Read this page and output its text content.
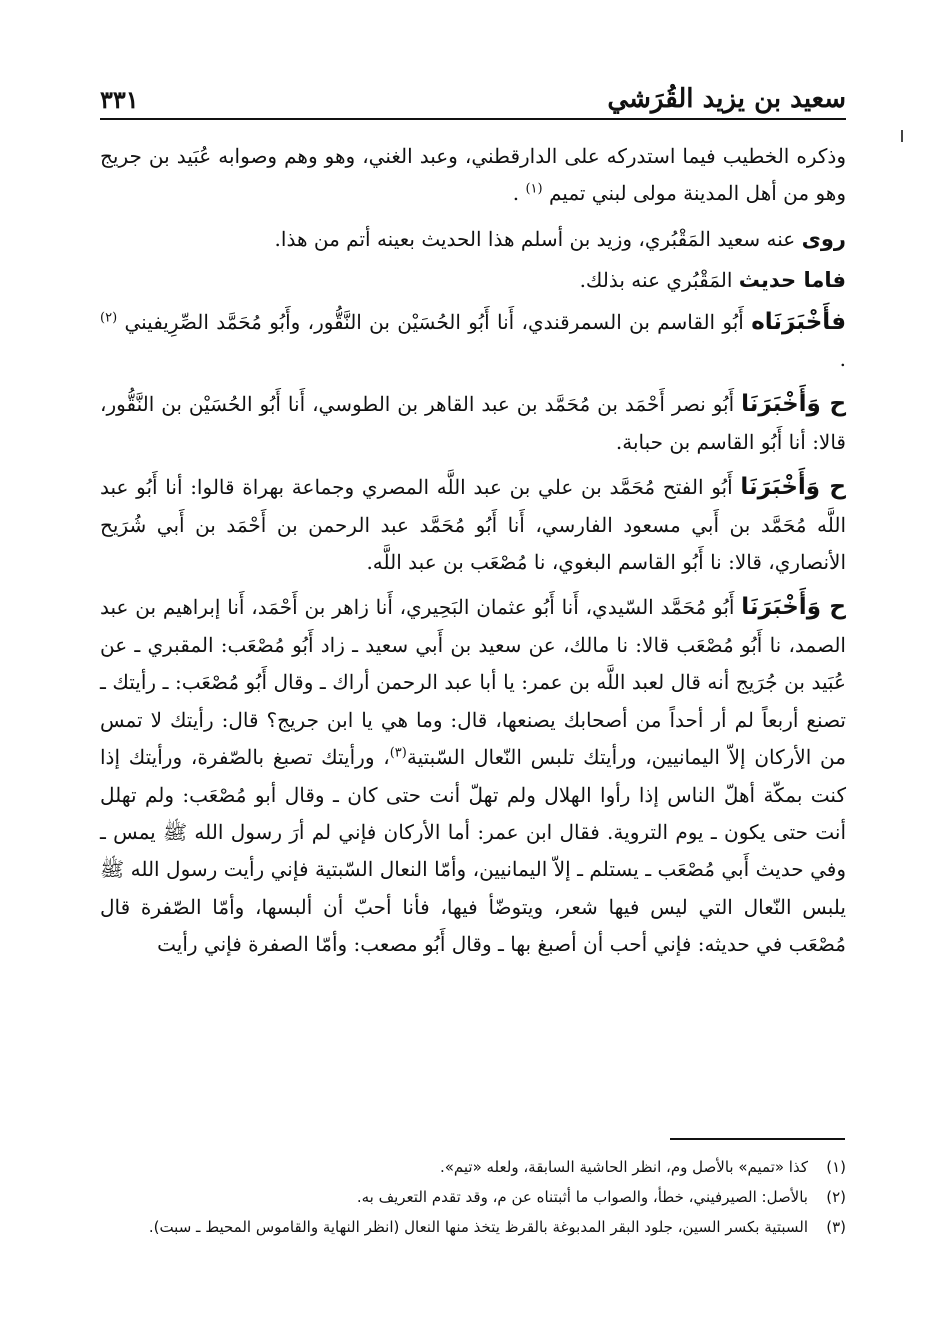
سعيد بن يزيد القُرَشي
٣٣١

وذكره الخطيب فيما استدركه على الدارقطني، وعبد الغني، وهو وهم وصوابه عُبَيد بن جريج وهو من أهل المدينة مولى لبني تميم $^{(١)}$ .

روى عنه سعيد المَقْبُري، وزيد بن أسلم هذا الحديث بعينه أتم من هذا.

فاما حديث المَقْبُري عنه بذلك.

فأَخْبَرَنَاه أَبُو القاسم بن السمرقندي، أَنا أَبُو الحُسَيْن بن النَّقُّور، وأَبُو مُحَمَّد الصِّرِيفيني $^{(٢)}$ .

ح وَأَخْبَرَنَا أَبُو نصر أَحْمَد بن مُحَمَّد بن عبد القاهر بن الطوسي، أَنا أَبُو الحُسَيْن بن النَّقُّور، قالا: أنا أَبُو القاسم بن حبابة.

ح وَأَخْبَرَنَا أَبُو الفتح مُحَمَّد بن علي بن عبد اللَّه المصري وجماعة بهراة قالوا: أنا أَبُو عبد اللَّه مُحَمَّد بن أَبي مسعود الفارسي، أَنا أَبُو مُحَمَّد عبد الرحمن بن أَحْمَد بن أَبي شُرَيح الأنصاري، قالا: نا أَبُو القاسم البغوي، نا مُصْعَب بن عبد اللَّه.

ح وَأَخْبَرَنَا أَبُو مُحَمَّد السّيدي، أَنا أَبُو عثمان البَحِيري، أَنا زاهر بن أَحْمَد، أَنا إبراهيم بن عبد الصمد، نا أَبُو مُصْعَب قالا: نا مالك، عن سعيد بن أَبي سعيد ـ زاد أَبُو مُصْعَب: المقبري ـ عن عُبَيد بن جُرَيج أنه قال لعبد اللَّه بن عمر: يا أبا عبد الرحمن أراك ـ وقال أَبُو مُصْعَب: ـ رأيتك ـ تصنع أربعاً لم أر أحداً من أصحابك يصنعها، قال: وما هي يا ابن جريج؟ قال: رأيتك لا تمس من الأركان إلاّ اليمانيين، ورأيتك تلبس النّعال السّبتية$^{(٣)}$، ورأيتك تصبغ بالصّفرة، ورأيتك إذا كنت بمكّة أهلّ الناس إذا رأوا الهلال ولم تهلّ أنت حتى كان ـ وقال أبو مُصْعَب: ولم تهلل أنت حتى يكون ـ يوم التروية. فقال ابن عمر: أما الأركان فإني لم أرَ رسول الله ﷺ يمس ـ وفي حديث أَبي مُصْعَب ـ يستلم ـ إلاّ اليمانيين، وأمّا النعال السّبتية فإني رأيت رسول الله ﷺ يلبس النّعال التي ليس فيها شعر، ويتوضّأ فيها، فأنا أحبّ أن ألبسها، وأمّا الصّفرة قال مُصْعَب في حديثه: فإني أحب أن أصبغ بها ـ وقال أَبُو مصعب: وأمّا الصفرة فإني رأيت

(١)
كذا «تميم» بالأصل وم، انظر الحاشية السابقة، ولعله «تيم».
(٢)
بالأصل: الصيرفيني، خطأ، والصواب ما أثبتناه عن م، وقد تقدم التعريف به.
(٣)
السبتية بكسر السين، جلود البقر المدبوغة بالقرظ يتخذ منها النعال (انظر النهاية والقاموس المحيط ـ سبت).
